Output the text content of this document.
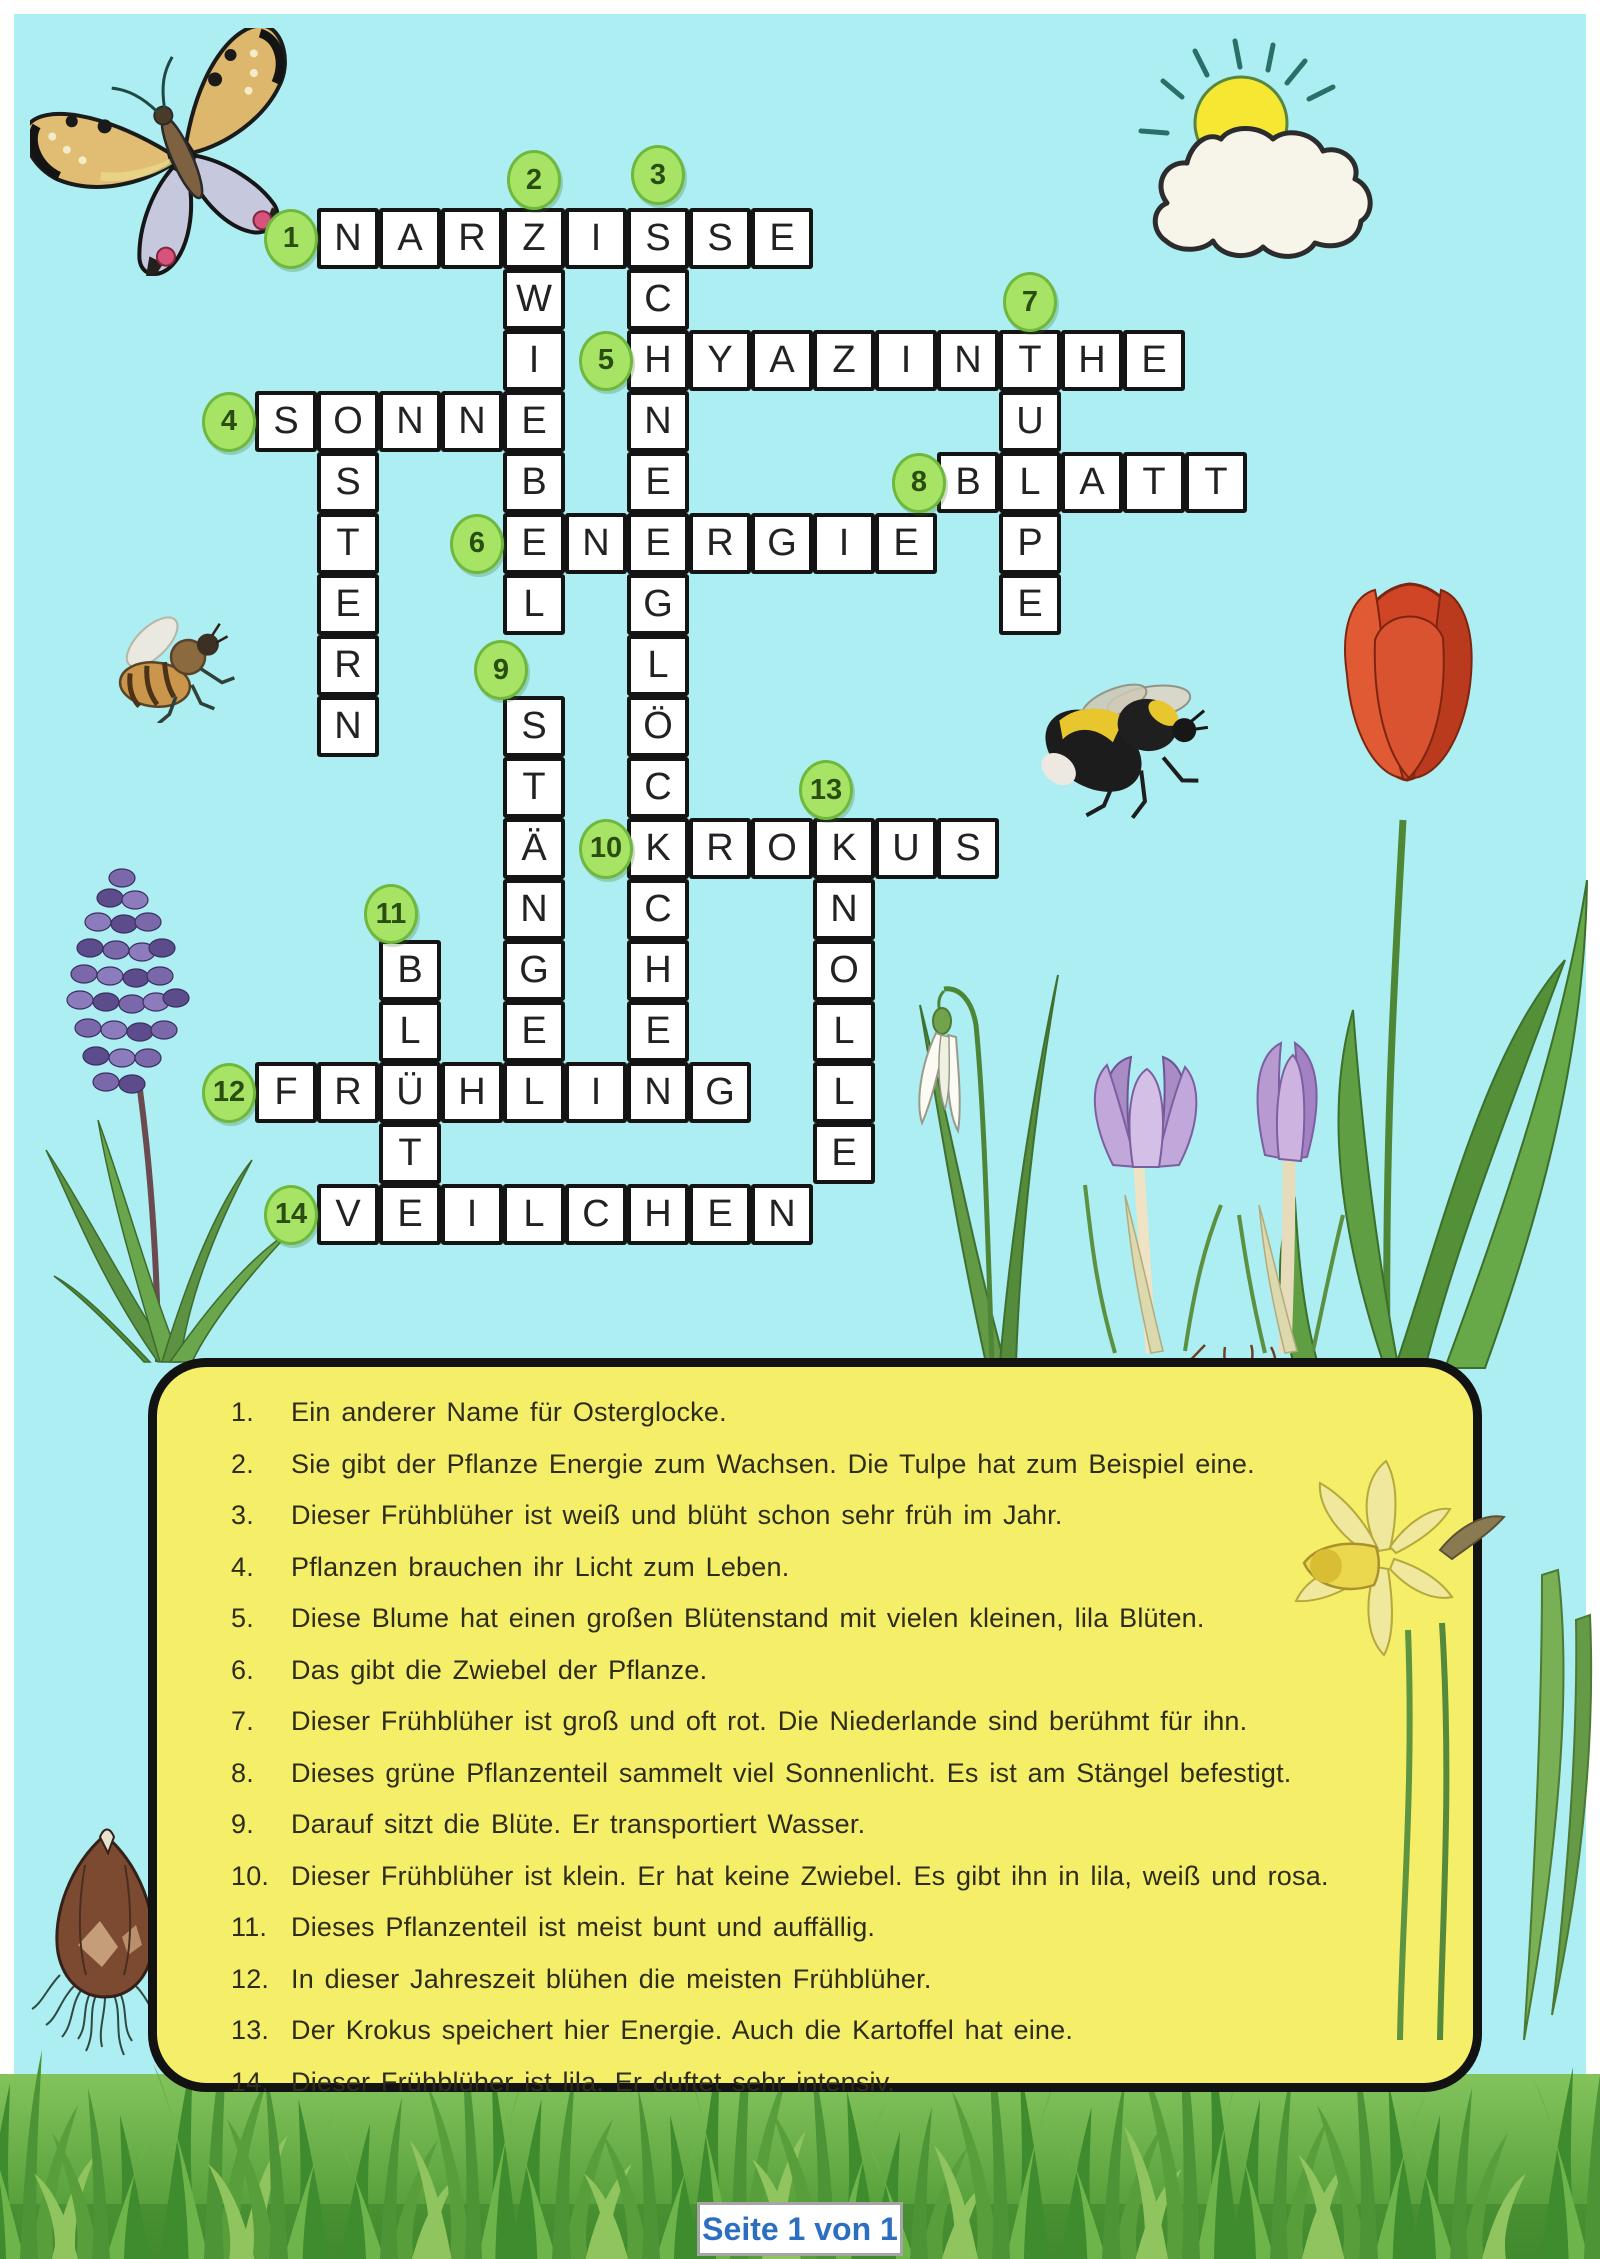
N A R Z	I	S S E
W
I
E
B
E
L
C
H
N
E
E
G
L
Ö
C
K
C
H
E
N
S O N N
Y A Z	I	N T H E
N	R G	I	E
U
L
P
E
B	A T	T
S
T
Ä
N
G
E
L
R O K U S
B
L
Ü
T
E
F R	H	I	G
N
O
L
L
E
V	I	L C H E N
S
T
E
R
N
1
2	3
4
5
6
7
8
9
10
11
12
13
14
1.	Ein anderer Name für Osterglocke.
2.	Sie gibt der Pflanze Energie zum Wachsen. Die Tulpe hat zum Beispiel eine.
3.	Dieser Frühblüher ist weiß und blüht schon sehr früh im Jahr.
4.	Pflanzen brauchen ihr Licht zum Leben.
5.	Diese Blume hat einen großen Blütenstand mit vielen kleinen, lila Blüten.
6.	Das gibt die Zwiebel der Pflanze.
7.	Dieser Frühblüher ist groß und oft rot. Die Niederlande sind berühmt für ihn.
8.	Dieses grüne Pflanzenteil sammelt viel Sonnenlicht. Es ist am Stängel befestigt.
9.	Darauf sitzt die Blüte. Er transportiert Wasser.
10. Dieser Frühblüher ist klein. Er hat keine Zwiebel. Es gibt ihn in lila, weiß und rosa.
11. Dieses Pflanzenteil ist meist bunt und auffällig.
12. In dieser Jahreszeit blühen die meisten Frühblüher.
13. Der Krokus speichert hier Energie. Auch die Kartoffel hat eine.
14. Dieser Frühblüher ist lila. Er duftet sehr intensiv.
Seite 1 von 1
